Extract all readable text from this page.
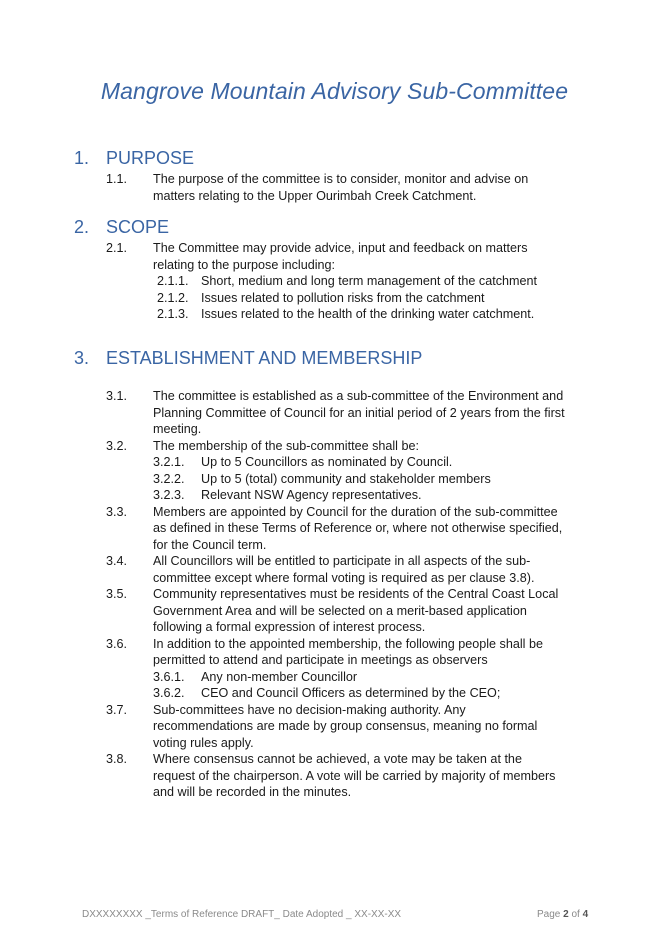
Mangrove Mountain Advisory Sub-Committee
1. PURPOSE
1.1.	The purpose of the committee is to consider, monitor and advise on
matters relating to the Upper Ourimbah Creek Catchment.
2. SCOPE
2.1.	The Committee may provide advice, input and feedback on matters
relating to the purpose including:
2.1.1. Short, medium and long term management of the catchment
2.1.2. Issues related to pollution risks from the catchment
2.1.3. Issues related to the health of the drinking water catchment.
3. ESTABLISHMENT AND MEMBERSHIP
3.1.	The committee is established as a sub-committee of the Environment and
Planning Committee of Council for an initial period of 2 years from the first
meeting.
3.2.	The membership of the sub-committee shall be:
3.2.1.	Up to 5 Councillors as nominated by Council.
3.2.2.	Up to 5 (total) community and stakeholder members
3.2.3.	Relevant NSW Agency representatives.
3.3.	Members are appointed by Council for the duration of the sub-committee
as defined in these Terms of Reference or, where not otherwise specified,
for the Council term.
3.4.	All Councillors will be entitled to participate in all aspects of the sub-
committee except where formal voting is required as per clause 3.8).
3.5.	Community representatives must be residents of the Central Coast Local
Government Area and will be selected on a merit-based application
following a formal expression of interest process.
3.6.	In addition to the appointed membership, the following people shall be
permitted to attend and participate in meetings as observers
3.6.1.	Any non-member Councillor
3.6.2.	CEO and Council Officers as determined by the CEO;
3.7.	Sub-committees have no decision-making authority. Any
recommendations are made by group consensus, meaning no formal
voting rules apply.
3.8.	Where consensus cannot be achieved, a vote may be taken at the
request of the chairperson. A vote will be carried by majority of members
and will be recorded in the minutes.
DXXXXXXXX _Terms of Reference DRAFT_ Date Adopted _ XX-XX-XX	Page 2 of 4
